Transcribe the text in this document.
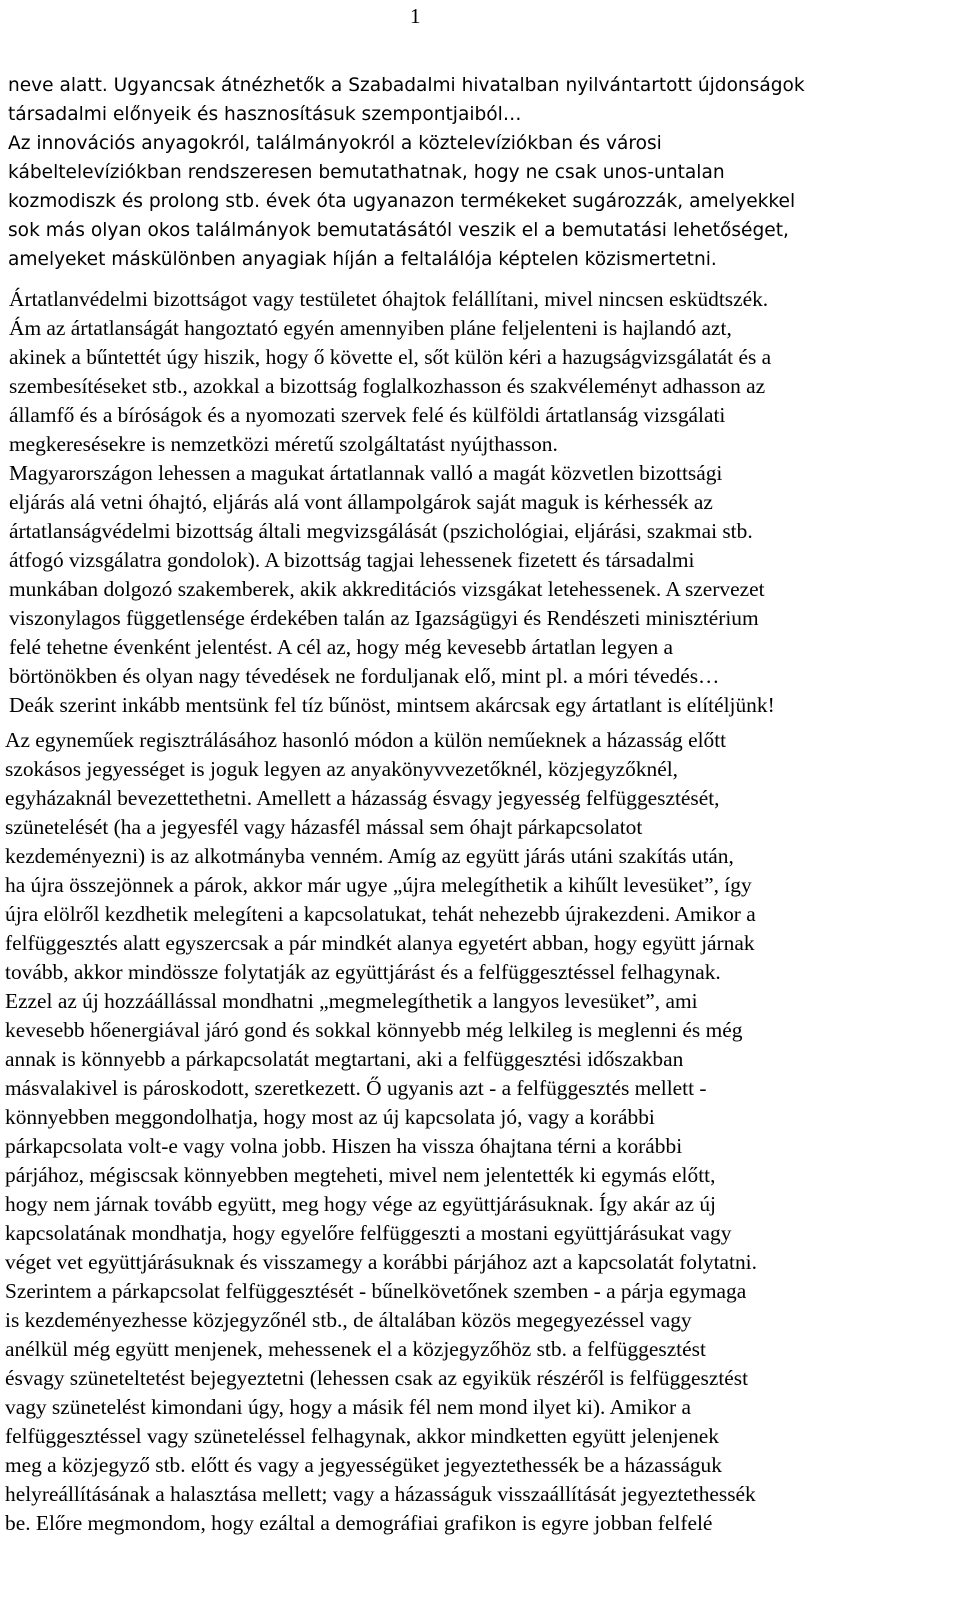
1
neve alatt. Ugyancsak átnézhetők a Szabadalmi hivatalban nyilvántartott újdonságok
társadalmi előnyeik és hasznosításuk szempontjaiból…
Az innovációs anyagokról, találmányokról a köztelevíziókban és városi
kábeltelevíziókban rendszeresen bemutathatnak, hogy ne csak unos-untalan
kozmodiszk és prolong stb. évek óta ugyanazon termékeket sugározzák, amelyekkel
sok más olyan okos találmányok bemutatásától veszik el a bemutatási lehetőséget,
amelyeket máskülönben anyagiak híján a feltalálója képtelen közismertetni.
Ártatlanvédelmi bizottságot vagy testületet óhajtok felállítani, mivel nincsen esküdtszék.
Ám az ártatlanságát hangoztató egyén amennyiben pláne feljelenteni is hajlandó azt,
akinek a bűntettét úgy hiszik, hogy ő követte el, sőt külön kéri a hazugságvizsgálatát és a
szembesítéseket stb., azokkal a bizottság foglalkozhasson és szakvéleményt adhasson az
államfő és a bíróságok és a nyomozati szervek felé és külföldi ártatlanság vizsgálati
megkeresésekre is nemzetközi méretű szolgáltatást nyújthasson.
Magyarországon lehessen a magukat ártatlannak valló a magát közvetlen bizottsági
eljárás alá vetni óhajtó, eljárás alá vont állampolgárok saját maguk is kérhessék az
ártatlanságvédelmi bizottság általi megvizsgálását (pszichológiai, eljárási, szakmai stb.
átfogó vizsgálatra gondolok). A bizottság tagjai lehessenek fizetett és társadalmi
munkában dolgozó szakemberek, akik akkreditációs vizsgákat letehessenek. A szervezet
viszonylagos függetlensége érdekében talán az Igazságügyi és Rendészeti minisztérium
felé tehetne évenként jelentést. A cél az, hogy még kevesebb ártatlan legyen a
börtönökben és olyan nagy tévedések ne forduljanak elő, mint pl. a móri tévedés…
Deák szerint inkább mentsünk fel tíz bűnöst, mintsem akárcsak egy ártatlant is elítéljünk!
Az egyneműek regisztrálásához hasonló módon a külön neműeknek a házasság előtt
szokásos jegyességet is joguk legyen az anyakönyvvezetőknél, közjegyzőknél,
egyházaknál bevezettethetni. Amellett a házasság ésvagy jegyesség felfüggesztését,
szünetelését (ha a jegyesfél vagy házasfél mással sem óhajt párkapcsolatot
kezdeményezni) is az alkotmányba venném. Amíg az együtt járás utáni szakítás után,
ha újra összejönnek a párok, akkor már ugye „újra melegíthetik a kihűlt levesüket”, így
újra elölről kezdhetik melegíteni a kapcsolatukat, tehát nehezebb újrakezdeni. Amikor a
felfüggesztés alatt egyszercsak a pár mindkét alanya egyetért abban, hogy együtt járnak
tovább, akkor mindössze folytatják az együttjárást és a felfüggesztéssel felhagynak.
Ezzel az új hozzáállással mondhatni „megmelegíthetik a langyos levesüket”, ami
kevesebb hőenergiával járó gond és sokkal könnyebb még lelkileg is meglenni és még
annak is könnyebb a párkapcsolatát megtartani, aki a felfüggesztési időszakban
másvalakivel is pároskodott, szeretkezett. Ő ugyanis azt - a felfüggesztés mellett -
könnyebben meggondolhatja, hogy most az új kapcsolata jó, vagy a korábbi
párkapcsolata volt-e vagy volna jobb. Hiszen ha vissza óhajtana térni a korábbi
párjához, mégiscsak könnyebben megteheti, mivel nem jelentették ki egymás előtt,
hogy nem járnak tovább együtt, meg hogy vége az együttjárásuknak. Így akár az új
kapcsolatának mondhatja, hogy egyelőre felfüggeszti a mostani együttjárásukat vagy
véget vet együttjárásuknak és visszamegy a korábbi párjához azt a kapcsolatát folytatni.
Szerintem a párkapcsolat felfüggesztését - bűnelkövetőnek szemben - a párja egymaga
is kezdeményezhesse közjegyzőnél stb., de általában közös megegyezéssel vagy
anélkül még együtt menjenek, mehessenek el a közjegyzőhöz stb. a felfüggesztést
ésvagy szüneteltetést bejegyeztetni (lehessen csak az egyikük részéről is felfüggesztést
vagy szünetelést kimondani úgy, hogy a másik fél nem mond ilyet ki). Amikor a
felfüggesztéssel vagy szüneteléssel felhagynak, akkor mindketten együtt jelenjenek
meg a közjegyző stb. előtt és vagy a jegyességüket jegyeztethessék be a házasságuk
helyreállításának a halasztása mellett; vagy a házasságuk visszaállítását jegyeztethessék
be. Előre megmondom, hogy ezáltal a demográfiai grafikon is egyre jobban felfelé
